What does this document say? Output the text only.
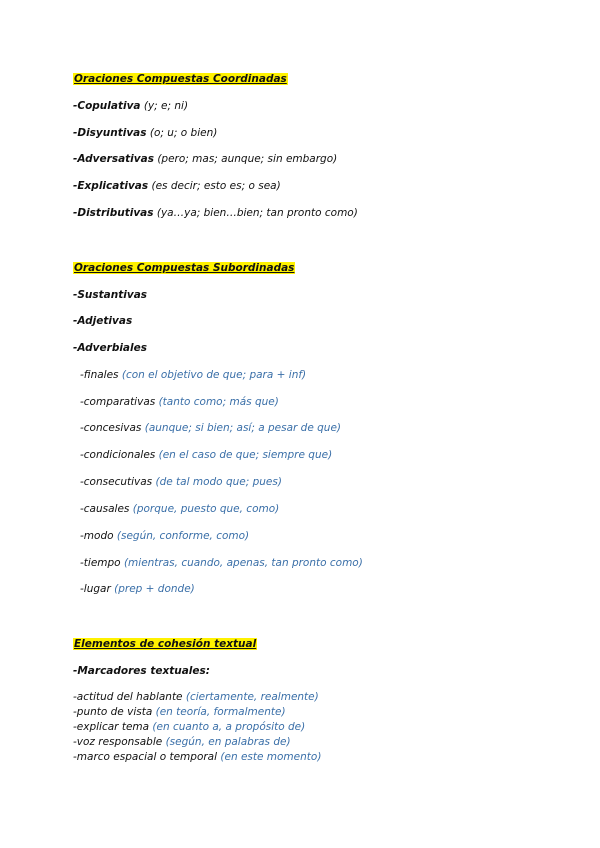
Oraciones Compuestas Coordinadas
-Copulativa (y; e; ni)
-Disyuntivas (o; u; o bien)
-Adversativas (pero; mas; aunque; sin embargo)
-Explicativas (es decir; esto es; o sea)
-Distributivas (ya…ya; bien…bien; tan pronto como)
Oraciones Compuestas Subordinadas
-Sustantivas
-Adjetivas
-Adverbiales
-finales (con el objetivo de que; para + inf)
-comparativas (tanto como; más que)
-concesivas (aunque; si bien; así; a pesar de que)
-condicionales (en el caso de que; siempre que)
-consecutivas (de tal modo que; pues)
-causales (porque, puesto que, como)
-modo (según, conforme, como)
-tiempo (mientras, cuando, apenas, tan pronto como)
-lugar (prep + donde)
Elementos de cohesión textual
-Marcadores textuales:
-actitud del hablante (ciertamente, realmente)
-punto de vista (en teoría, formalmente)
-explicar tema (en cuanto a, a propósito de)
-voz responsable (según, en palabras de)
-marco espacial o temporal (en este momento)
